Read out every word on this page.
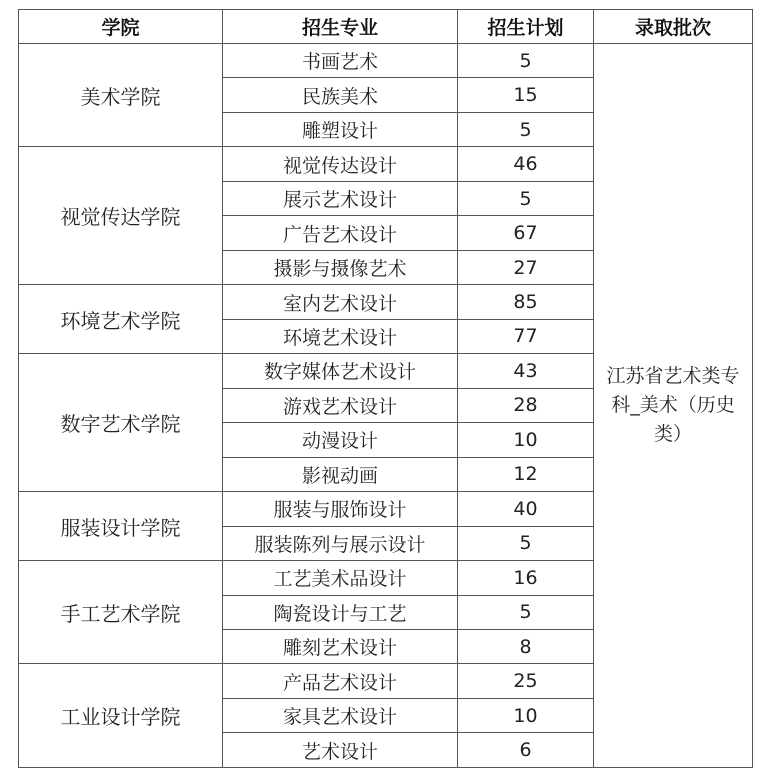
学院	招生专业	招生计划	录取批次
美术学院	书画艺术	5	江苏省艺术类专科_美术（历史类）
	民族美术	15	
	雕塑设计	5	
视觉传达学院	视觉传达设计	46	
	展示艺术设计	5	
	广告艺术设计	67	
	摄影与摄像艺术	27	
环境艺术学院	室内艺术设计	85	
	环境艺术设计	77	
数字艺术学院	数字媒体艺术设计	43	
	游戏艺术设计	28	
	动漫设计	10	
	影视动画	12	
服装设计学院	服装与服饰设计	40	
	服装陈列与展示设计	5	
手工艺术学院	工艺美术品设计	16	
	陶瓷设计与工艺	5	
	雕刻艺术设计	8	
工业设计学院	产品艺术设计	25	
	家具艺术设计	10	
	艺术设计	6	
